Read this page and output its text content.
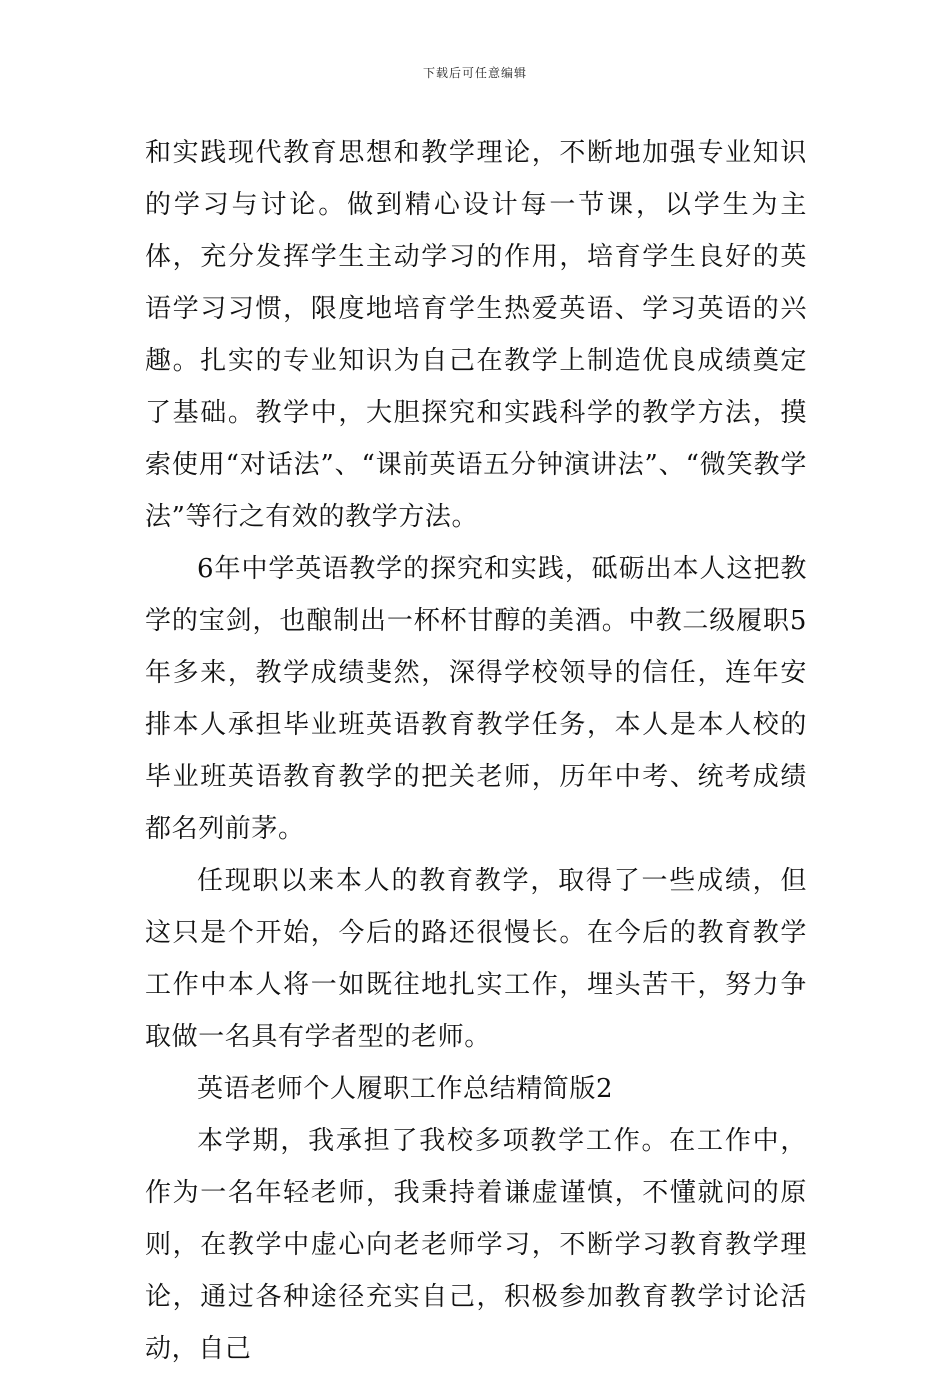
下载后可任意编辑

和实践现代教育思想和教学理论，不断地加强专业知识的学习与讨论。做到精心设计每一节课，以学生为主体，充分发挥学生主动学习的作用，培育学生良好的英语学习习惯，限度地培育学生热爱英语、学习英语的兴趣。扎实的专业知识为自己在教学上制造优良成绩奠定了基础。教学中，大胆探究和实践科学的教学方法，摸索使用“对话法”、“课前英语五分钟演讲法”、“微笑教学法”等行之有效的教学方法。

6年中学英语教学的探究和实践，砥砺出本人这把教学的宝剑，也酿制出一杯杯甘醇的美酒。中教二级履职5年多来，教学成绩斐然，深得学校领导的信任，连年安排本人承担毕业班英语教育教学任务，本人是本人校的毕业班英语教育教学的把关老师，历年中考、统考成绩都名列前茅。

任现职以来本人的教育教学，取得了一些成绩，但这只是个开始，今后的路还很慢长。在今后的教育教学工作中本人将一如既往地扎实工作，埋头苦干，努力争取做一名具有学者型的老师。

英语老师个人履职工作总结精简版2

本学期，我承担了我校多项教学工作。在工作中，作为一名年轻老师，我秉持着谦虚谨慎，不懂就问的原则，在教学中虚心向老老师学习，不断学习教育教学理论，通过各种途径充实自己，积极参加教育教学讨论活动，自己
